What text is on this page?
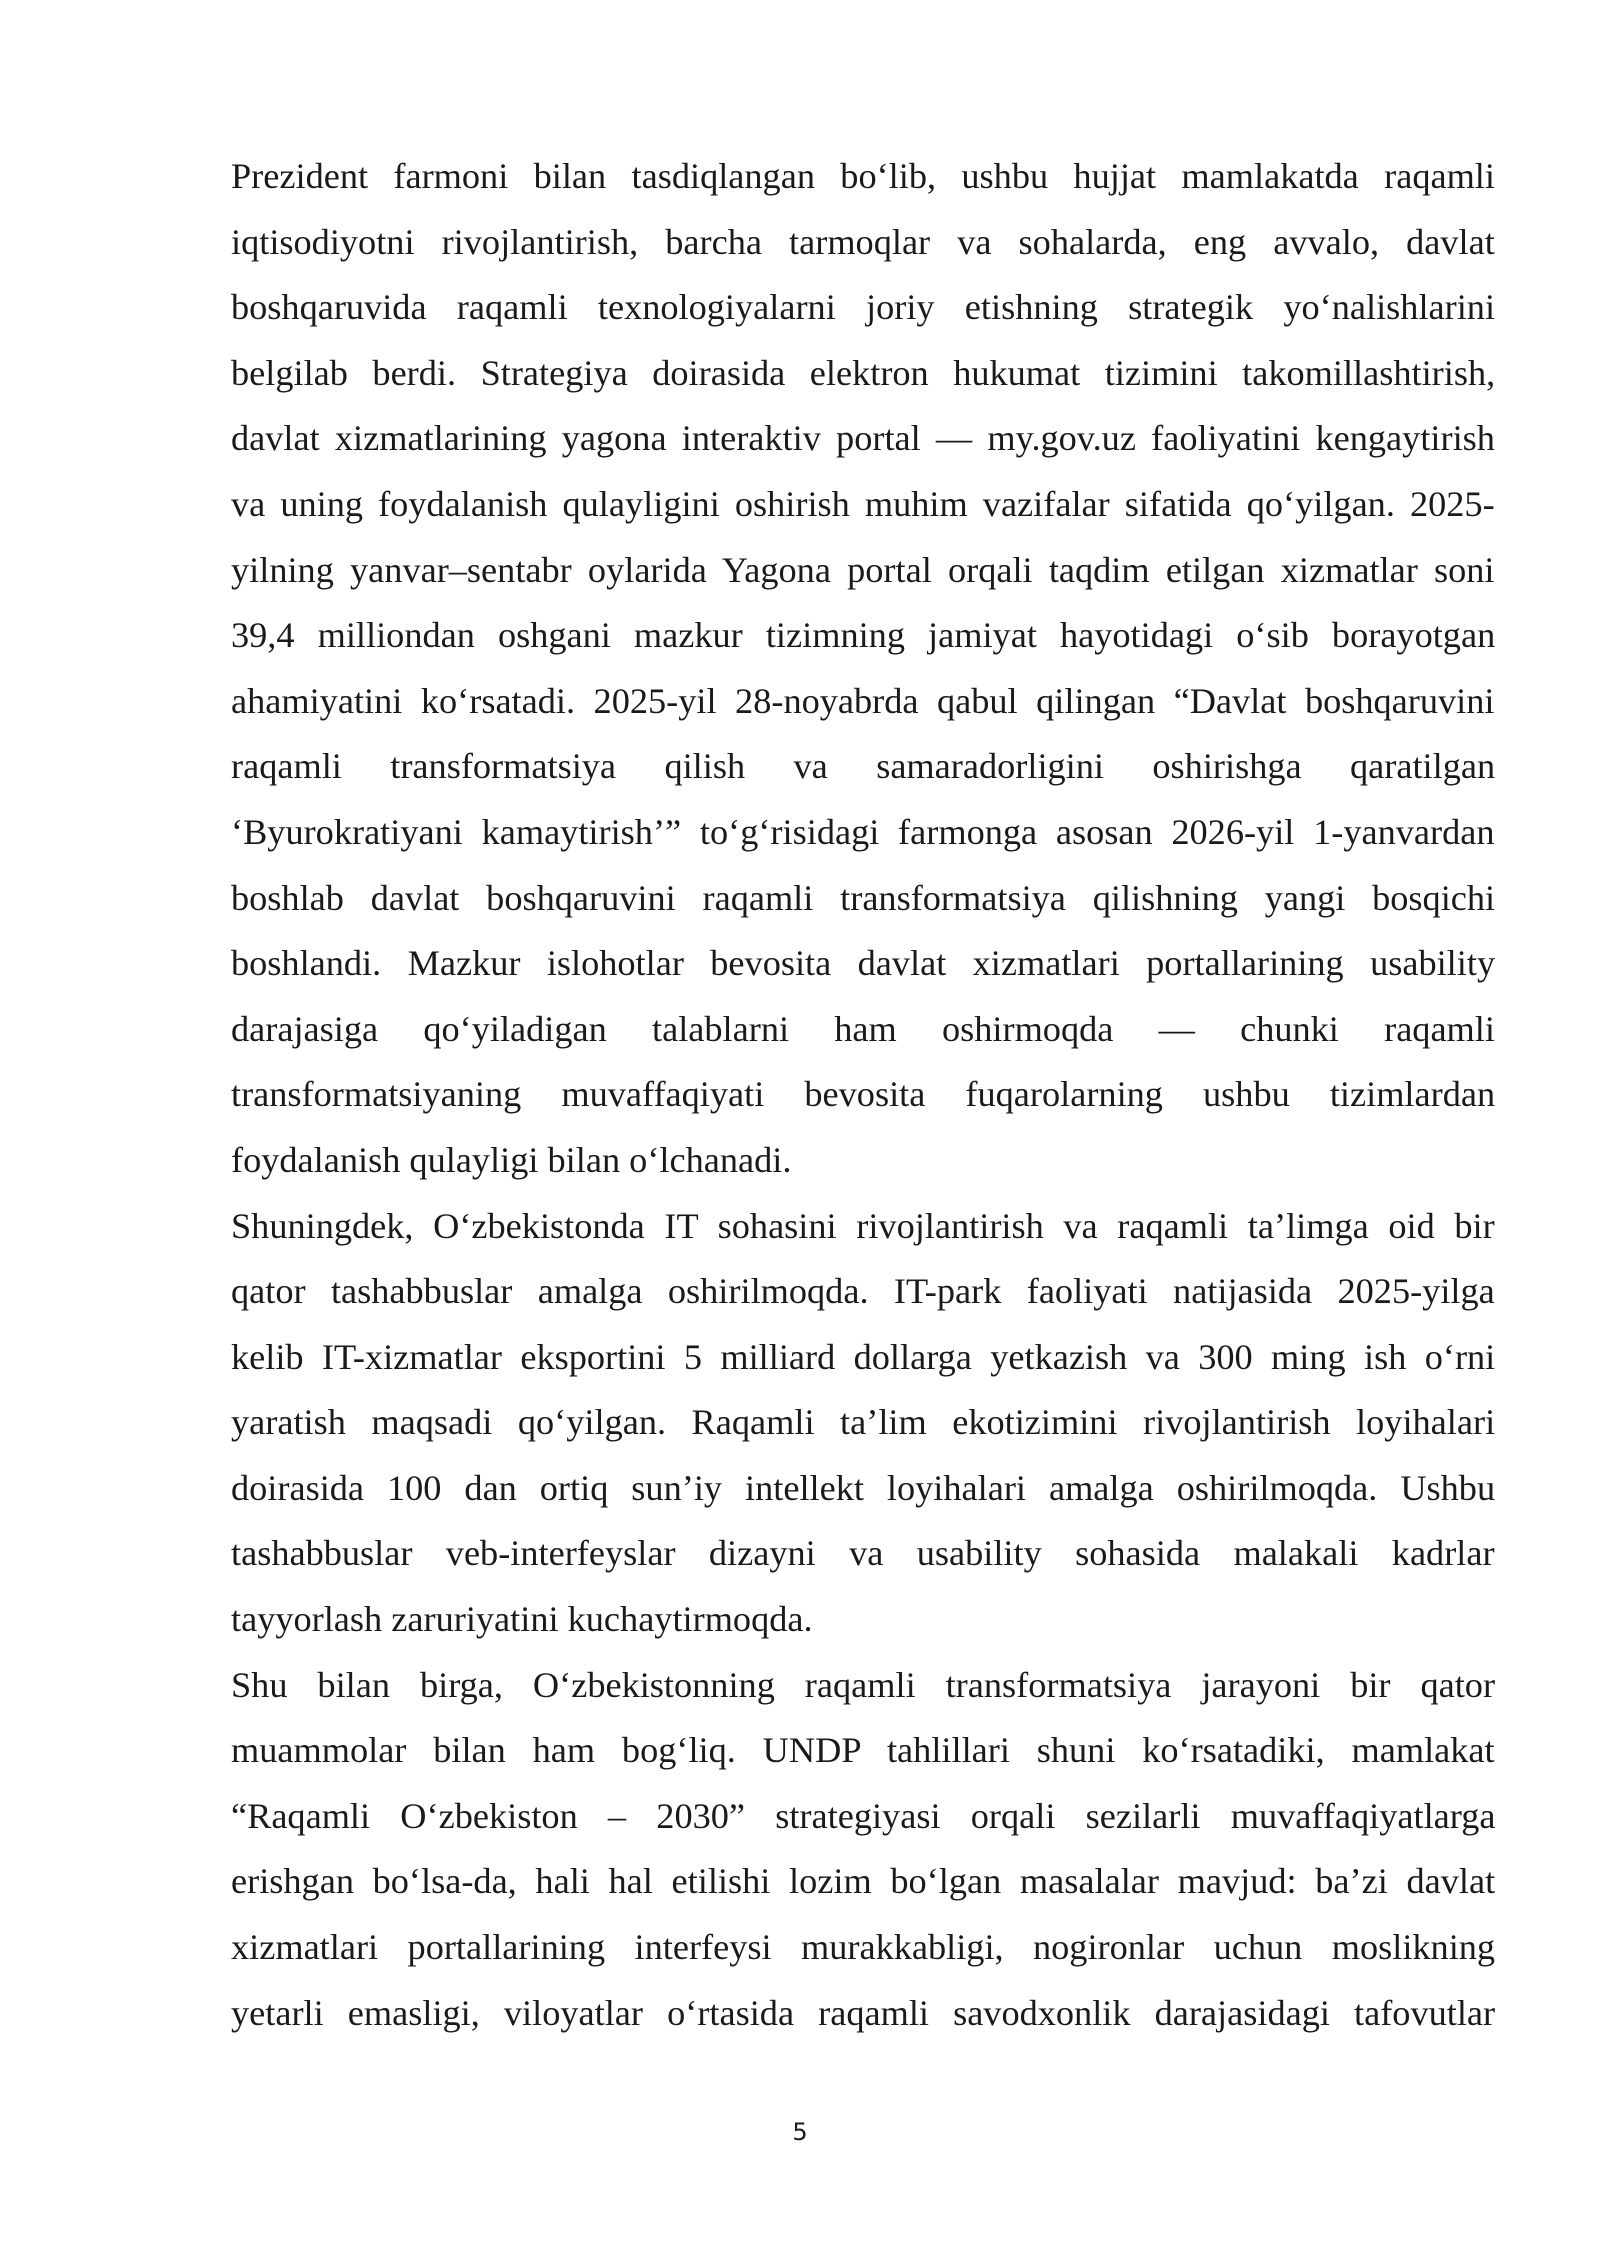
Prezident farmoni bilan tasdiqlangan boʻlib, ushbu hujjat mamlakatda raqamli
iqtisodiyotni rivojlantirish, barcha tarmoqlar va sohalarda, eng avvalo, davlat
boshqaruvida raqamli texnologiyalarni joriy etishning strategik yoʻnalishlarini
belgilab berdi. Strategiya doirasida elektron hukumat tizimini takomillashtirish,
davlat xizmatlarining yagona interaktiv portal — my.gov.uz faoliyatini kengaytirish
va uning foydalanish qulayligini oshirish muhim vazifalar sifatida qoʻyilgan. 2025-
yilning yanvar–sentabr oylarida Yagona portal orqali taqdim etilgan xizmatlar soni
39,4 milliondan oshgani mazkur tizimning jamiyat hayotidagi oʻsib borayotgan
ahamiyatini koʻrsatadi. 2025-yil 28-noyabrda qabul qilingan “Davlat boshqaruvini
raqamli transformatsiya qilish va samaradorligini oshirishga qaratilgan
‘Byurokratiyani kamaytirish’” toʻgʻrisidagi farmonga asosan 2026-yil 1-yanvardan
boshlab davlat boshqaruvini raqamli transformatsiya qilishning yangi bosqichi
boshlandi. Mazkur islohotlar bevosita davlat xizmatlari portallarining usability
darajasiga qoʻyiladigan talablarni ham oshirmoqda — chunki raqamli
transformatsiyaning muvaffaqiyati bevosita fuqarolarning ushbu tizimlardan
foydalanish qulayligi bilan oʻlchanadi.
Shuningdek, Oʻzbekistonda IT sohasini rivojlantirish va raqamli taʼlimga oid bir
qator tashabbuslar amalga oshirilmoqda. IT-park faoliyati natijasida 2025-yilga
kelib IT-xizmatlar eksportini 5 milliard dollarga yetkazish va 300 ming ish oʻrni
yaratish maqsadi qoʻyilgan. Raqamli taʼlim ekotizimini rivojlantirish loyihalari
doirasida 100 dan ortiq sunʼiy intellekt loyihalari amalga oshirilmoqda. Ushbu
tashabbuslar veb-interfeyslar dizayni va usability sohasida malakali kadrlar
tayyorlash zaruriyatini kuchaytirmoqda.
Shu bilan birga, Oʻzbekistonning raqamli transformatsiya jarayoni bir qator
muammolar bilan ham bogʻliq. UNDP tahlillari shuni koʻrsatadiki, mamlakat
“Raqamli Oʻzbekiston – 2030” strategiyasi orqali sezilarli muvaffaqiyatlarga
erishgan boʻlsa-da, hali hal etilishi lozim boʻlgan masalalar mavjud: baʼzi davlat
xizmatlari portallarining interfeysi murakkabligi, nogironlar uchun moslikning
yetarli emasligi, viloyatlar oʻrtasida raqamli savodxonlik darajasidagi tafovutlar
5
